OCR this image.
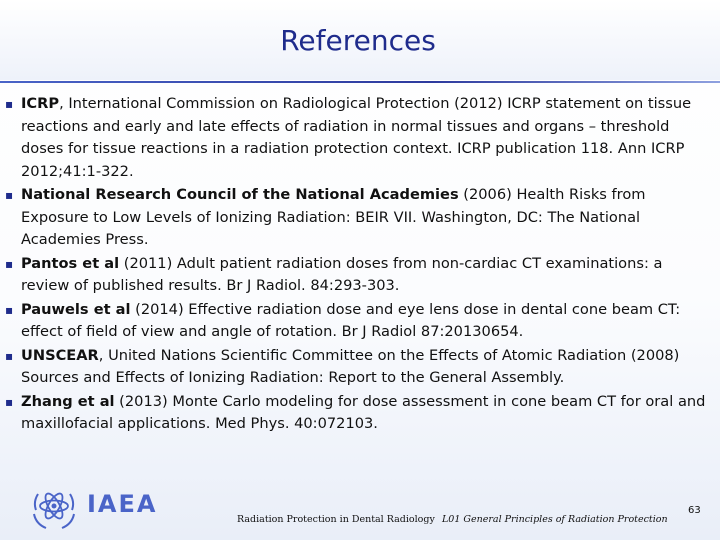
References
▪ ICRP, International Commission on Radiological Protection (2012) ICRP statement on tissue reactions and early and late effects of radiation in normal tissues and organs – threshold doses for tissue reactions in a radiation protection context. ICRP publication 118. Ann ICRP 2012;41:1-322.
▪ National Research Council of the National Academies (2006) Health Risks from Exposure to Low Levels of Ionizing Radiation: BEIR VII. Washington, DC: The National Academies Press.
▪ Pantos et al (2011) Adult patient radiation doses from non-cardiac CT examinations: a review of published results. Br J Radiol. 84:293-303.
▪ Pauwels et al (2014) Effective radiation dose and eye lens dose in dental cone beam CT: effect of field of view and angle of rotation. Br J Radiol 87:20130654.
▪ UNSCEAR, United Nations Scientific Committee on the Effects of Atomic Radiation (2008) Sources and Effects of Ionizing Radiation: Report to the General Assembly.
▪ Zhang et al (2013) Monte Carlo modeling for dose assessment in cone beam CT for oral and maxillofacial applications. Med Phys. 40:072103.
IAEA
Radiation Protection in Dental Radiology L01 General Principles of Radiation Protection
63
